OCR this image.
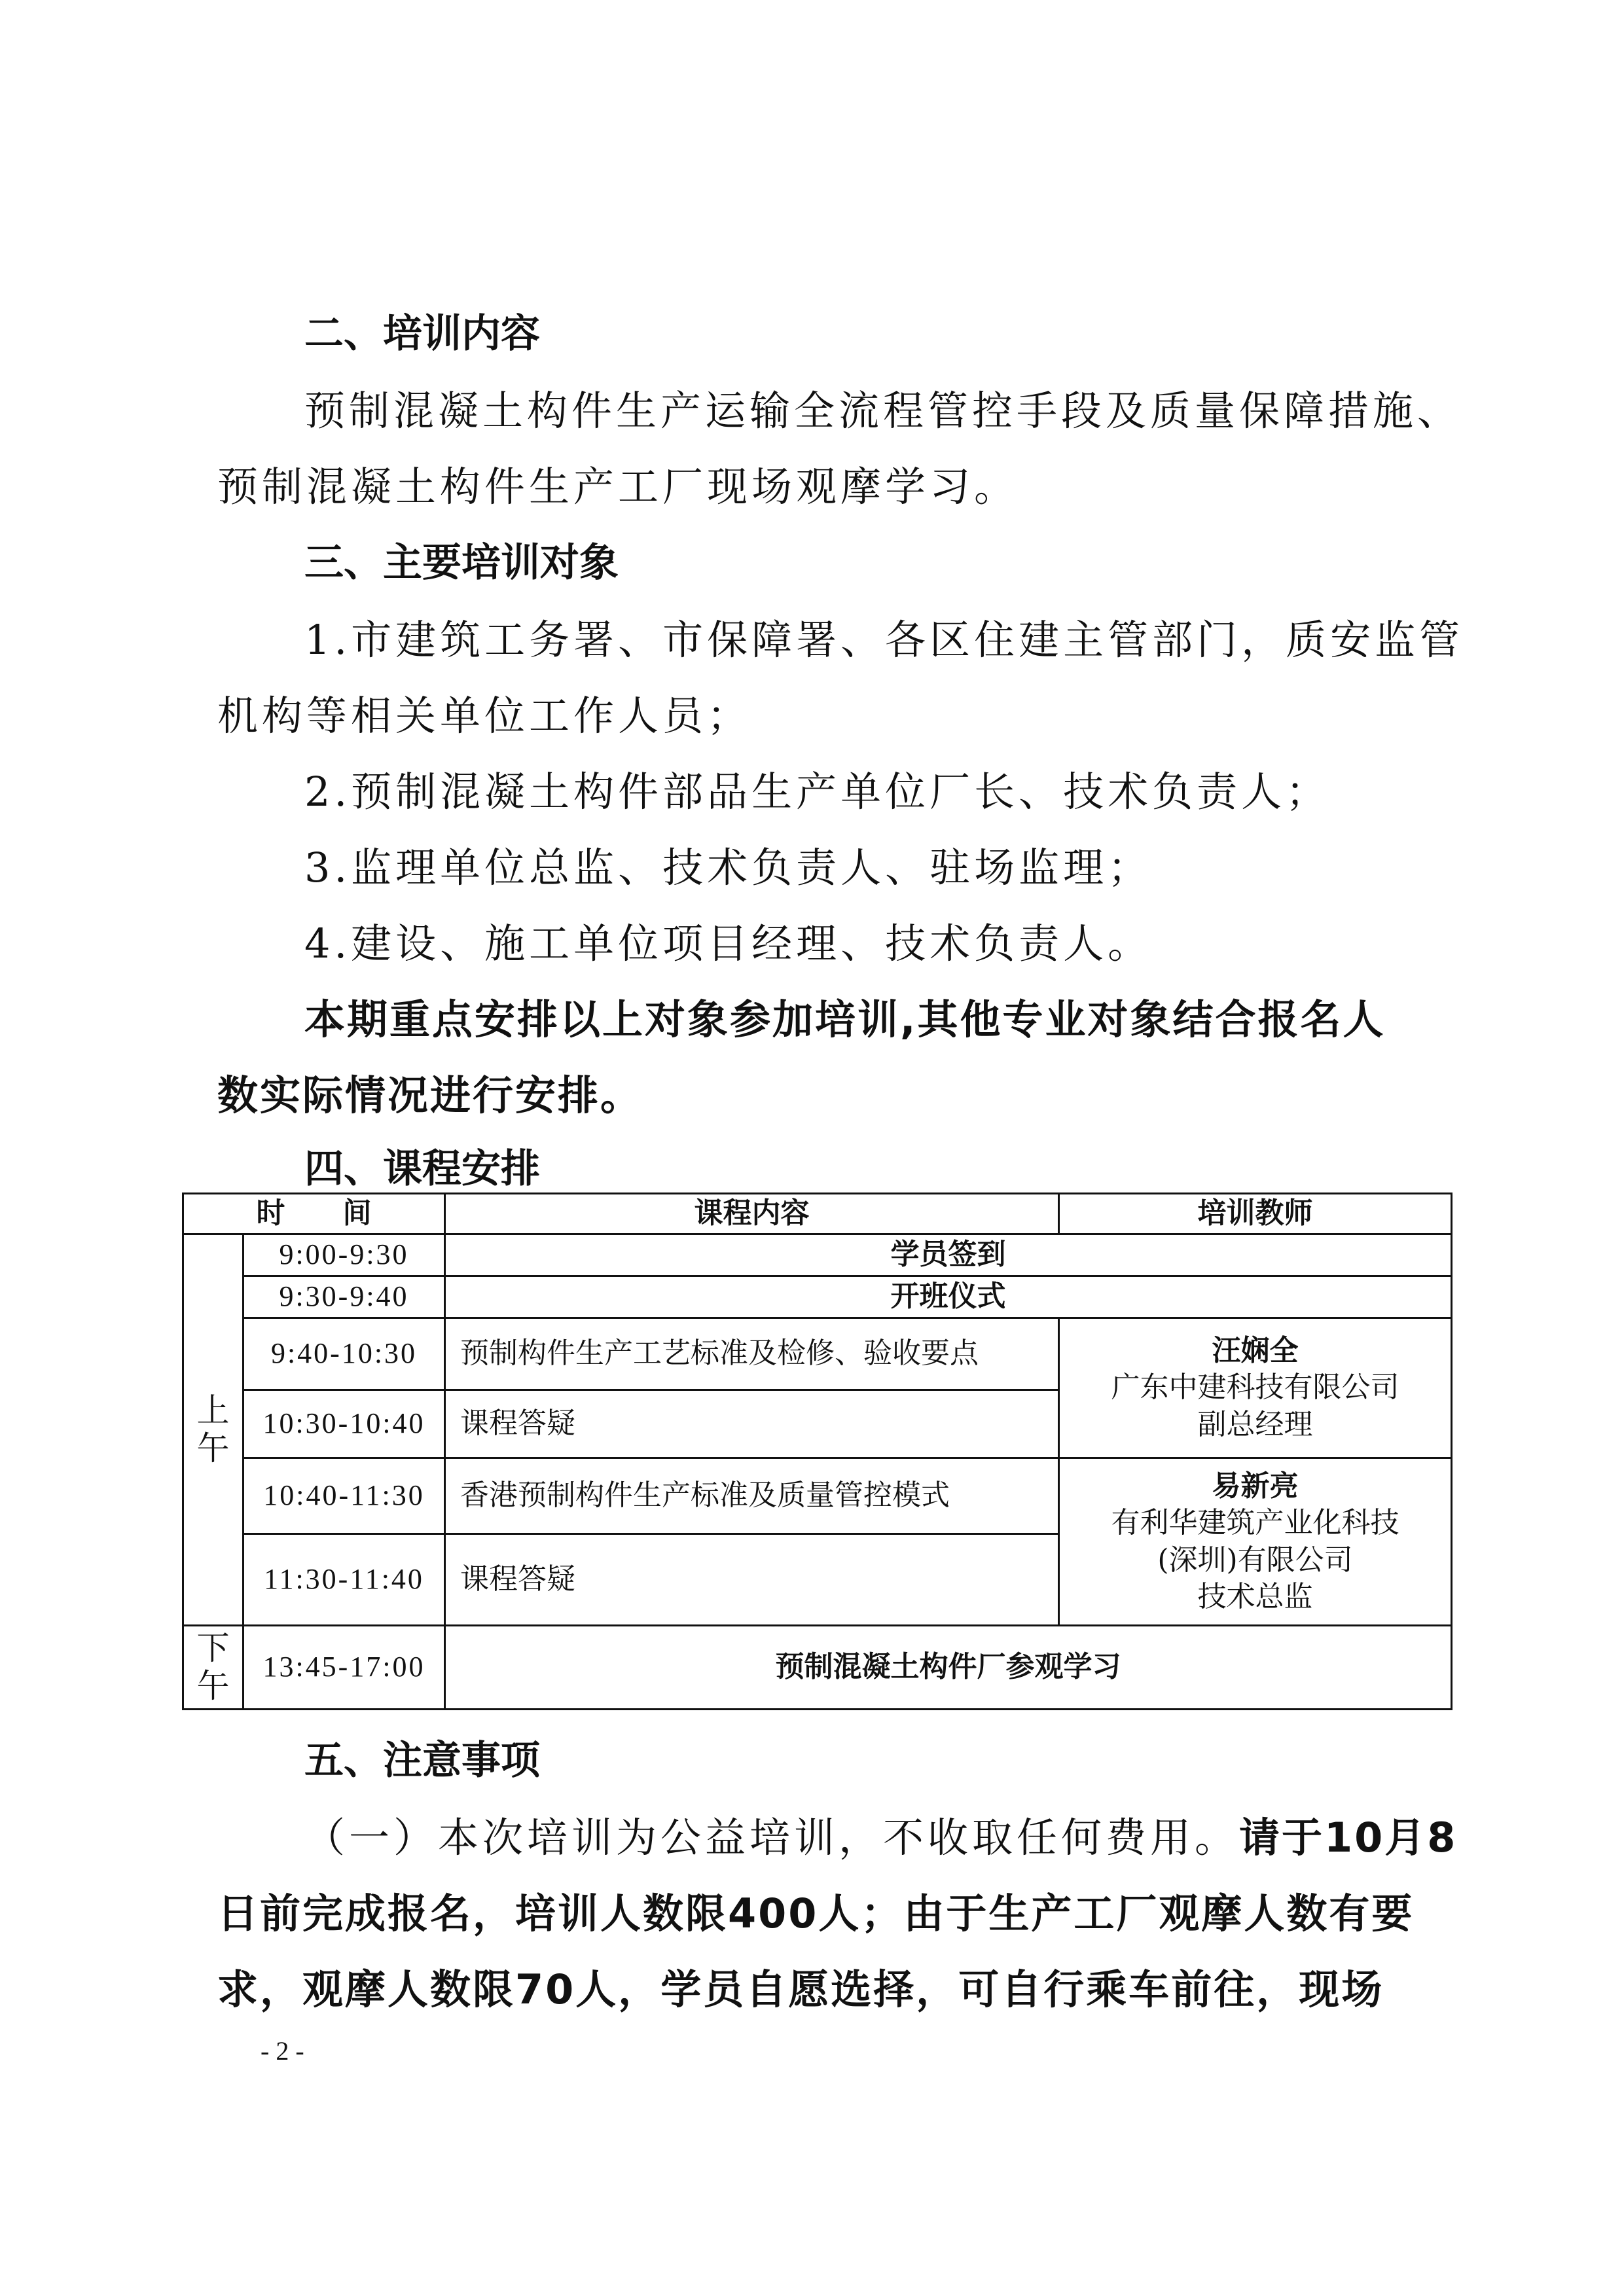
二、培训内容
预制混凝土构件生产运输全流程管控手段及质量保障措施、
预制混凝土构件生产工厂现场观摩学习。
三、主要培训对象
1.市建筑工务署、市保障署、各区住建主管部门，质安监管
机构等相关单位工作人员；
2.预制混凝土构件部品生产单位厂长、技术负责人；
3.监理单位总监、技术负责人、驻场监理；
4.建设、施工单位项目经理、技术负责人。
本期重点安排以上对象参加培训,其他专业对象结合报名人
数实际情况进行安排。
四、课程安排
时　　间		课程内容	培训教师
上午	9:00-9:30	学员签到	
	9:30-9:40	开班仪式	
	9:40-10:30	预制构件生产工艺标准及检修、验收要点	汪娴全
广东中建科技有限公司
副总经理

	10:30-10:40	课程答疑	
	10:40-11:30	香港预制构件生产标准及质量管控模式	易新亮
有利华建筑产业化科技
(深圳)有限公司
技术总监

	11:30-11:40	课程答疑	
下午	13:45-17:00	预制混凝土构件厂参观学习	
五、注意事项
（一）本次培训为公益培训，不收取任何费用。请于10月8
日前完成报名，培训人数限400人；由于生产工厂观摩人数有要
求，观摩人数限70人，学员自愿选择，可自行乘车前往，现场
- 2 -
